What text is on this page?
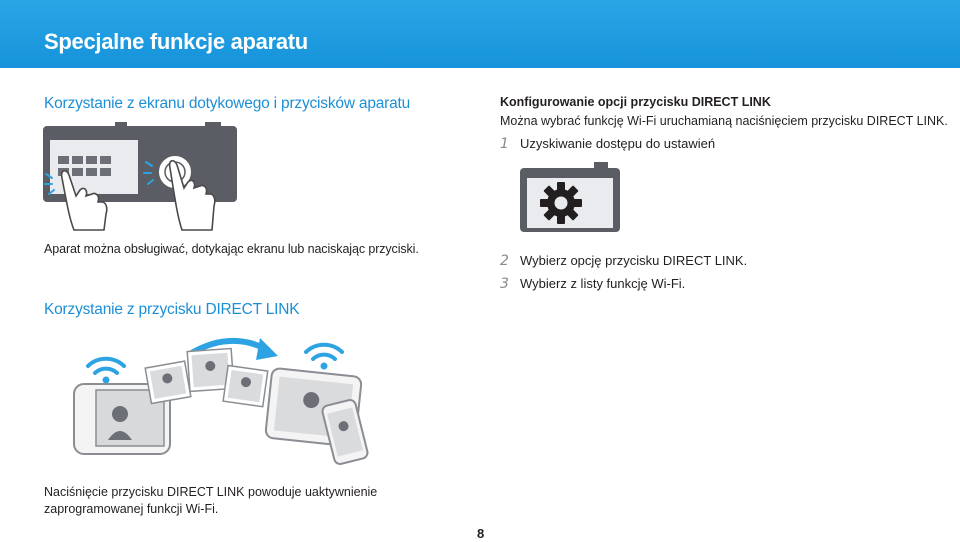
Specjalne funkcje aparatu
Korzystanie z ekranu dotykowego i przycisków aparatu
Aparat można obsługiwać, dotykając ekranu lub naciskając przyciski.
Korzystanie z przycisku DIRECT LINK
Naciśnięcie przycisku DIRECT LINK powoduje uaktywnienie zaprogramowanej funkcji Wi-Fi.
Konfigurowanie opcji przycisku DIRECT LINK
Można wybrać funkcję Wi-Fi uruchamianą naciśnięciem przycisku DIRECT LINK.
1 Uzyskiwanie dostępu do ustawień
2 Wybierz opcję przycisku DIRECT LINK.
3 Wybierz z listy funkcję Wi-Fi.
8
